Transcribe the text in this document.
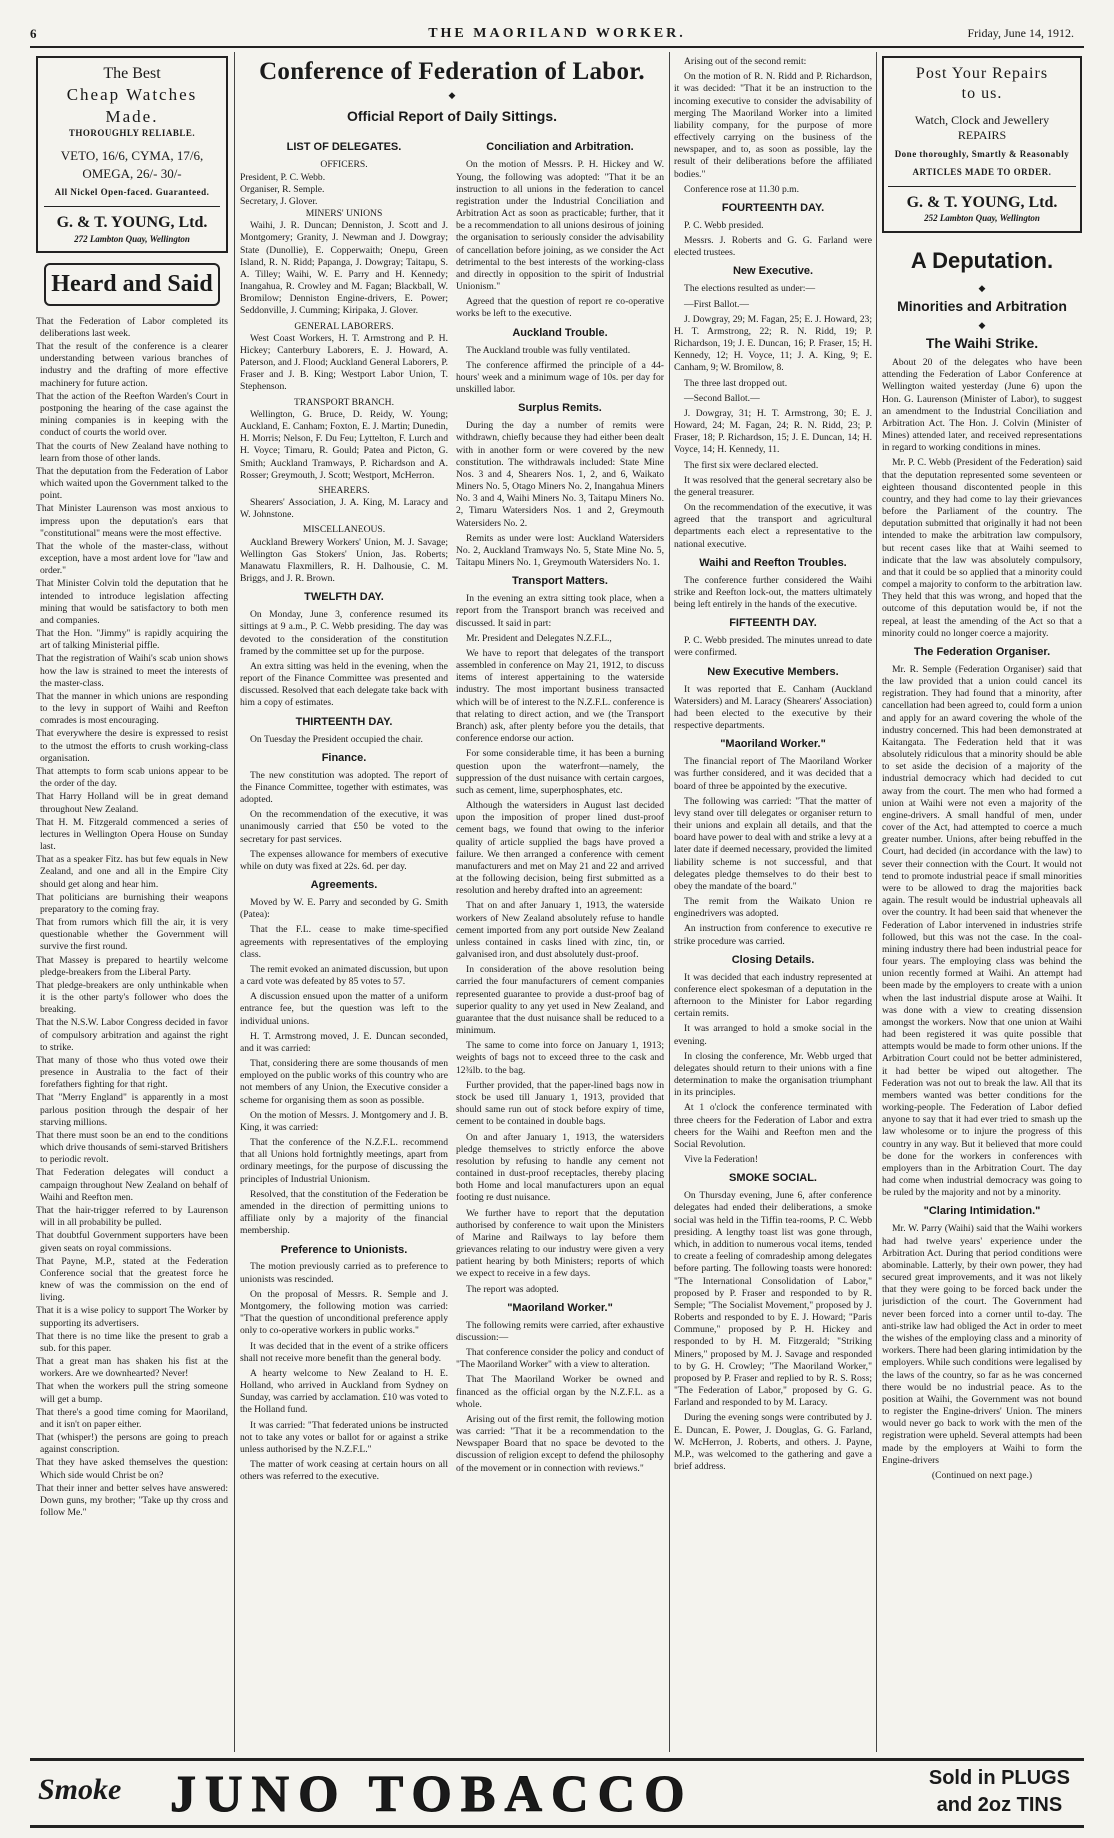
6	THE MAORILAND WORKER.	Friday, June 14, 1912.
The Best
Cheap Watches Made.
THOROUGHLY RELIABLE.
VETO, 16/6, CYMA, 17/6,
OMEGA, 26/- 30/-
All Nickel Open-faced. Guaranteed.
G. & T. YOUNG, Ltd.
272 Lambton Quay, Wellington
Heard and Said
That the Federation of Labor completed its deliberations last week.
That the result of the conference is a clearer understanding between various branches of industry and the drafting of more effective machinery for future action.
That the action of the Reefton Warden's Court in postponing the hearing of the case against the mining companies is in keeping with the conduct of courts the world over.
That the courts of New Zealand have nothing to learn from those of other lands.
That the deputation from the Federation of Labor which waited upon the Government talked to the point.
That Minister Laurenson was most anxious to impress upon the deputation's ears that "constitutional" means were the most effective.
That the whole of the master-class, without exception, have a most ardent love for "law and order."
That Minister Colvin told the deputation that he intended to introduce legislation affecting mining that would be satisfactory to both men and companies.
That the Hon. "Jimmy" is rapidly acquiring the art of talking Ministerial piffle.
That the registration of Waihi's scab union shows how the law is strained to meet the interests of the master-class.
That the manner in which unions are responding to the levy in support of Waihi and Reefton comrades is most encouraging.
That everywhere the desire is expressed to resist to the utmost the efforts to crush working-class organisation.
That attempts to form scab unions appear to be the order of the day.
That Harry Holland will be in great demand throughout New Zealand.
That H. M. Fitzgerald commenced a series of lectures in Wellington Opera House on Sunday last.
That as a speaker Fitz. has but few equals in New Zealand, and one and all in the Empire City should get along and hear him.
That politicians are burnishing their weapons preparatory to the coming fray.
That from rumors which fill the air, it is very questionable whether the Government will survive the first round.
That Massey is prepared to heartily welcome pledge-breakers from the Liberal Party.
That pledge-breakers are only unthinkable when it is the other party's follower who does the breaking.
That the N.S.W. Labor Congress decided in favor of compulsory arbitration and against the right to strike.
That many of those who thus voted owe their presence in Australia to the fact of their forefathers fighting for that right.
That "Merry England" is apparently in a most parlous position through the despair of her starving millions.
That there must soon be an end to the conditions which drive thousands of semi-starved Britishers to periodic revolt.
That Federation delegates will conduct a campaign throughout New Zealand on behalf of Waihi and Reefton men.
That the hair-trigger referred to by Laurenson will in all probability be pulled.
That doubtful Government supporters have been given seats on royal commissions.
That Payne, M.P., stated at the Federation Conference social that the greatest force he knew of was the commission on the end of living.
That it is a wise policy to support The Worker by supporting its advertisers.
That there is no time like the present to grab a sub. for this paper.
That a great man has shaken his fist at the workers. Are we downhearted? Never!
That when the workers pull the string someone will get a bump.
That there's a good time coming for Maoriland, and it isn't on paper either.
That (whisper!) the persons are going to preach against conscription.
That they have asked themselves the question: Which side would Christ be on?
That their inner and better selves have answered: Down guns, my brother; "Take up thy cross and follow Me."
Conference of Federation of Labor.
◆
Official Report of Daily Sittings.
LIST OF DELEGATES.
OFFICERS.
President, P. C. Webb.
Organiser, R. Semple.
Secretary, J. Glover.
MINERS' UNIONS

Waihi, J. R. Duncan; Denniston, J. Scott and J. Montgomery; Granity, J. Newman and J. Dowgray; State (Dunollie), E. Copperwaith; Onepu, Green Island, R. N. Ridd; Papanga, J. Dowgray; Taitapu, S. A. Tilley; Waihi, W. E. Parry and H. Kennedy; Inangahua, R. Crowley and M. Fagan; Blackball, W. Bromilow; Denniston Engine-drivers, E. Power; Seddonville, J. Cumming; Kiripaka, J. Glover.

GENERAL LABORERS.

West Coast Workers, H. T. Armstrong and P. H. Hickey; Canterbury Laborers, E. J. Howard, A. Paterson, and J. Flood; Auckland General Laborers, P. Fraser and J. B. King; Westport Labor Union, T. Stephenson.

TRANSPORT BRANCH.

Wellington, G. Bruce, D. Reidy, W. Young; Auckland, E. Canham; Foxton, E. J. Martin; Dunedin, H. Morris; Nelson, F. Du Feu; Lyttelton, F. Lurch and H. Voyce; Timaru, R. Gould; Patea and Picton, G. Smith; Auckland Tramways, P. Richardson and A. Rosser; Greymouth, J. Scott; Westport, McHerron.

SHEARERS.

Shearers' Association, J. A. King, M. Laracy and W. Johnstone.

MISCELLANEOUS.

Auckland Brewery Workers' Union, M. J. Savage; Wellington Gas Stokers' Union, Jas. Roberts; Manawatu Flaxmillers, R. H. Dalhousie, C. M. Briggs, and J. R. Brown.

TWELFTH DAY.

On Monday, June 3, conference resumed its sittings at 9 a.m., P. C. Webb presiding. The day was devoted to the consideration of the constitution framed by the committee set up for the purpose.

An extra sitting was held in the evening, when the report of the Finance Committee was presented and discussed. Resolved that each delegate take back with him a copy of estimates.

THIRTEENTH DAY.

On Tuesday the President occupied the chair.

Finance.

The new constitution was adopted. The report of the Finance Committee, together with estimates, was adopted.

On the recommendation of the executive, it was unanimously carried that £50 be voted to the secretary for past services.

The expenses allowance for members of executive while on duty was fixed at 22s. 6d. per day.

Agreements.

Moved by W. E. Parry and seconded by G. Smith (Patea):

That the F.L. cease to make time-specified agreements with representatives of the employing class.

The remit evoked an animated discussion, but upon a card vote was defeated by 85 votes to 57.

A discussion ensued upon the matter of a uniform entrance fee, but the question was left to the individual unions.

H. T. Armstrong moved, J. E. Duncan seconded, and it was carried:

That, considering there are some thousands of men employed on the public works of this country who are not members of any Union, the Executive consider a scheme for organising them as soon as possible.

On the motion of Messrs. J. Montgomery and J. B. King, it was carried:

That the conference of the N.Z.F.L. recommend that all Unions hold fortnightly meetings, apart from ordinary meetings, for the purpose of discussing the principles of Industrial Unionism.

Resolved, that the constitution of the Federation be amended in the direction of permitting unions to affiliate only by a majority of the financial membership.

Preference to Unionists.

The motion previously carried as to preference to unionists was rescinded.

On the proposal of Messrs. R. Semple and J. Montgomery, the following motion was carried: "That the question of unconditional preference apply only to co-operative workers in public works."

It was decided that in the event of a strike officers shall not receive more benefit than the general body.

A hearty welcome to New Zealand to H. E. Holland, who arrived in Auckland from Sydney on Sunday, was carried by acclamation. £10 was voted to the Holland fund.

It was carried: "That federated unions be instructed not to take any votes or ballot for or against a strike unless authorised by the N.Z.F.L."

The matter of work ceasing at certain hours on all others was referred to the executive.

Conciliation and Arbitration.

On the motion of Messrs. P. H. Hickey and W. Young, the following was adopted: "That it be an instruction to all unions in the federation to cancel registration under the Industrial Conciliation and Arbitration Act as soon as practicable; further, that it be a recommendation to all unions desirous of joining the organisation to seriously consider the advisability of cancellation before joining, as we consider the Act detrimental to the best interests of the working-class and directly in opposition to the spirit of Industrial Unionism."

Agreed that the question of report re co-operative works be left to the executive.

Auckland Trouble.

The Auckland trouble was fully ventilated.

The conference affirmed the principle of a 44-hours' week and a minimum wage of 10s. per day for unskilled labor.

Surplus Remits.

During the day a number of remits were withdrawn, chiefly because they had either been dealt with in another form or were covered by the new constitution. The withdrawals included: State Mine Nos. 3 and 4, Shearers Nos. 1, 2, and 6, Waikato Miners No. 5, Otago Miners No. 2, Inangahua Miners No. 3 and 4, Waihi Miners No. 3, Taitapu Miners No. 2, Timaru Watersiders Nos. 1 and 2, Greymouth Watersiders No. 2.

Remits as under were lost: Auckland Watersiders No. 2, Auckland Tramways No. 5, State Mine No. 5, Taitapu Miners No. 1, Greymouth Watersiders No. 1.

Transport Matters.

In the evening an extra sitting took place, when a report from the Transport branch was received and discussed. It said in part:

Mr. President and Delegates N.Z.F.L.,

We have to report that delegates of the transport assembled in conference on May 21, 1912, to discuss items of interest appertaining to the waterside industry. The most important business transacted which will be of interest to the N.Z.F.L. conference is that relating to direct action, and we (the Transport Branch) ask, after plenty before you the details, that conference endorse our action.

For some considerable time, it has been a burning question upon the waterfront—namely, the suppression of the dust nuisance with certain cargoes, such as cement, lime, superphosphates, etc.

Although the watersiders in August last decided upon the imposition of proper lined dust-proof cement bags, we found that owing to the inferior quality of article supplied the bags have proved a failure. We then arranged a conference with cement manufacturers and met on May 21 and 22 and arrived at the following decision, being first submitted as a resolution and hereby drafted into an agreement:

That on and after January 1, 1913, the waterside workers of New Zealand absolutely refuse to handle cement imported from any port outside New Zealand unless contained in casks lined with zinc, tin, or galvanised iron, and dust absolutely dust-proof.

In consideration of the above resolution being carried the four manufacturers of cement companies represented guarantee to provide a dust-proof bag of superior quality to any yet used in New Zealand, and guarantee that the dust nuisance shall be reduced to a minimum.

The same to come into force on January 1, 1913; weights of bags not to exceed three to the cask and 12¾lb. to the bag.

Further provided, that the paper-lined bags now in stock be used till January 1, 1913, provided that should same run out of stock before expiry of time, cement to be contained in double bags.

On and after January 1, 1913, the watersiders pledge themselves to strictly enforce the above resolution by refusing to handle any cement not contained in dust-proof receptacles, thereby placing both Home and local manufacturers upon an equal footing re dust nuisance.

We further have to report that the deputation authorised by conference to wait upon the Ministers of Marine and Railways to lay before them grievances relating to our industry were given a very patient hearing by both Ministers; reports of which we expect to receive in a few days.

The report was adopted.

"Maoriland Worker."

The following remits were carried, after exhaustive discussion:—

That conference consider the policy and conduct of "The Maoriland Worker" with a view to alteration.

That The Maoriland Worker be owned and financed as the official organ by the N.Z.F.L. as a whole.

Arising out of the first remit, the following motion was carried: "That it be a recommendation to the Newspaper Board that no space be devoted to the discussion of religion except to defend the philosophy of the movement or in connection with reviews."

Arising out of the second remit:

On the motion of R. N. Ridd and P. Richardson, it was decided: "That it be an instruction to the incoming executive to consider the advisability of merging The Maoriland Worker into a limited liability company, for the purpose of more effectively carrying on the business of the newspaper, and to, as soon as possible, lay the result of their deliberations before the affiliated bodies."

Conference rose at 11.30 p.m.

FOURTEENTH DAY.

P. C. Webb presided.

Messrs. J. Roberts and G. G. Farland were elected trustees.

New Executive.

The elections resulted as under:—

—First Ballot.—

J. Dowgray, 29; M. Fagan, 25; E. J. Howard, 23; H. T. Armstrong, 22; R. N. Ridd, 19; P. Richardson, 19; J. E. Duncan, 16; P. Fraser, 15; H. Kennedy, 12; H. Voyce, 11; J. A. King, 9; E. Canham, 9; W. Bromilow, 8.

The three last dropped out.

—Second Ballot.—

J. Dowgray, 31; H. T. Armstrong, 30; E. J. Howard, 24; M. Fagan, 24; R. N. Ridd, 23; P. Fraser, 18; P. Richardson, 15; J. E. Duncan, 14; H. Voyce, 14; H. Kennedy, 11.

The first six were declared elected.

It was resolved that the general secretary also be the general treasurer.

On the recommendation of the executive, it was agreed that the transport and agricultural departments each elect a representative to the national executive.

Waihi and Reefton Troubles.

The conference further considered the Waihi strike and Reefton lock-out, the matters ultimately being left entirely in the hands of the executive.

FIFTEENTH DAY.

P. C. Webb presided. The minutes unread to date were confirmed.

New Executive Members.

It was reported that E. Canham (Auckland Watersiders) and M. Laracy (Shearers' Association) had been elected to the executive by their respective departments.

"Maoriland Worker."

The financial report of The Maoriland Worker was further considered, and it was decided that a board of three be appointed by the executive.

The following was carried: "That the matter of levy stand over till delegates or organiser return to their unions and explain all details, and that the board have power to deal with and strike a levy at a later date if deemed necessary, provided the limited liability scheme is not successful, and that delegates pledge themselves to do their best to obey the mandate of the board."

The remit from the Waikato Union re enginedrivers was adopted.

An instruction from conference to executive re strike procedure was carried.

Closing Details.

It was decided that each industry represented at conference elect spokesman of a deputation in the afternoon to the Minister for Labor regarding certain remits.

It was arranged to hold a smoke social in the evening.

In closing the conference, Mr. Webb urged that delegates should return to their unions with a fine determination to make the organisation triumphant in its principles.

At 1 o'clock the conference terminated with three cheers for the Federation of Labor and extra cheers for the Waihi and Reefton men and the Social Revolution.

Vive la Federation!

SMOKE SOCIAL.

On Thursday evening, June 6, after conference delegates had ended their deliberations, a smoke social was held in the Tiffin tea-rooms, P. C. Webb presiding. A lengthy toast list was gone through, which, in addition to numerous vocal items, tended to create a feeling of comradeship among delegates before parting. The following toasts were honored: "The International Consolidation of Labor," proposed by P. Fraser and responded to by R. Semple; "The Socialist Movement," proposed by J. Roberts and responded to by E. J. Howard; "Paris Commune," proposed by P. H. Hickey and responded to by H. M. Fitzgerald; "Striking Miners," proposed by M. J. Savage and responded to by G. H. Crowley; "The Maoriland Worker," proposed by P. Fraser and replied to by R. S. Ross; "The Federation of Labor," proposed by G. G. Farland and responded to by M. Laracy.

During the evening songs were contributed by J. E. Duncan, E. Power, J. Douglas, G. G. Farland, W. McHerron, J. Roberts, and others. J. Payne, M.P., was welcomed to the gathering and gave a brief address.

Post Your Repairs
to us.
Watch, Clock and Jewellery
REPAIRS
Done thoroughly, Smartly & Reasonably
ARTICLES MADE TO ORDER.
G. & T. YOUNG, Ltd.
252 Lambton Quay, Wellington
A Deputation.
◆
Minorities and Arbitration
◆
The Waihi Strike.

About 20 of the delegates who have been attending the Federation of Labor Conference at Wellington waited yesterday (June 6) upon the Hon. G. Laurenson (Minister of Labor), to suggest an amendment to the Industrial Conciliation and Arbitration Act. The Hon. J. Colvin (Minister of Mines) attended later, and received representations in regard to working conditions in mines.

Mr. P. C. Webb (President of the Federation) said that the deputation represented some seventeen or eighteen thousand discontented people in this country, and they had come to lay their grievances before the Parliament of the country. The deputation submitted that originally it had not been intended to make the arbitration law compulsory, but recent cases like that at Waihi seemed to indicate that the law was absolutely compulsory, and that it could be so applied that a minority could compel a majority to conform to the arbitration law. They held that this was wrong, and hoped that the outcome of this deputation would be, if not the repeal, at least the amending of the Act so that a minority could no longer coerce a majority.

The Federation Organiser.

Mr. R. Semple (Federation Organiser) said that the law provided that a union could cancel its registration. They had found that a minority, after cancellation had been agreed to, could form a union and apply for an award covering the whole of the industry concerned. This had been demonstrated at Kaitangata. The Federation held that it was absolutely ridiculous that a minority should be able to set aside the decision of a majority of the industrial democracy which had decided to cut away from the court. The men who had formed a union at Waihi were not even a majority of the engine-drivers. A small handful of men, under cover of the Act, had attempted to coerce a much greater number. Unions, after being rebuffed in the Court, had decided (in accordance with the law) to sever their connection with the Court. It would not tend to promote industrial peace if small minorities were to be allowed to drag the majorities back again. The result would be industrial upheavals all over the country. It had been said that whenever the Federation of Labor intervened in industries strife followed, but this was not the case. In the coal-mining industry there had been industrial peace for four years. The employing class was behind the union recently formed at Waihi. An attempt had been made by the employers to create with a union when the last industrial dispute arose at Waihi. It was done with a view to creating dissension amongst the workers. Now that one union at Waihi had been registered it was quite possible that attempts would be made to form other unions. If the Arbitration Court could not be better administered, it had better be wiped out altogether. The Federation was not out to break the law. All that its members wanted was better conditions for the working-people. The Federation of Labor defied anyone to say that it had ever tried to smash up the law wholesome or to injure the progress of this country in any way. But it believed that more could be done for the workers in conferences with employers than in the Arbitration Court. The day had come when industrial democracy was going to be ruled by the majority and not by a minority.

"Claring Intimidation."

Mr. W. Parry (Waihi) said that the Waihi workers had had twelve years' experience under the Arbitration Act. During that period conditions were abominable. Latterly, by their own power, they had secured great improvements, and it was not likely that they were going to be forced back under the jurisdiction of the court. The Government had never been forced into a corner until to-day. The anti-strike law had obliged the Act in order to meet the wishes of the employing class and a minority of workers. There had been glaring intimidation by the employers. While such conditions were legalised by the laws of the country, so far as he was concerned there would be no industrial peace. As to the position at Waihi, the Government was not bound to register the Engine-drivers' Union. The miners would never go back to work with the men of the registration were upheld. Several attempts had been made by the employers at Waihi to form the Engine-drivers

(Continued on next page.)
Smoke JUNO TOBACCO	Sold in PLUGS
and 2oz TINS
